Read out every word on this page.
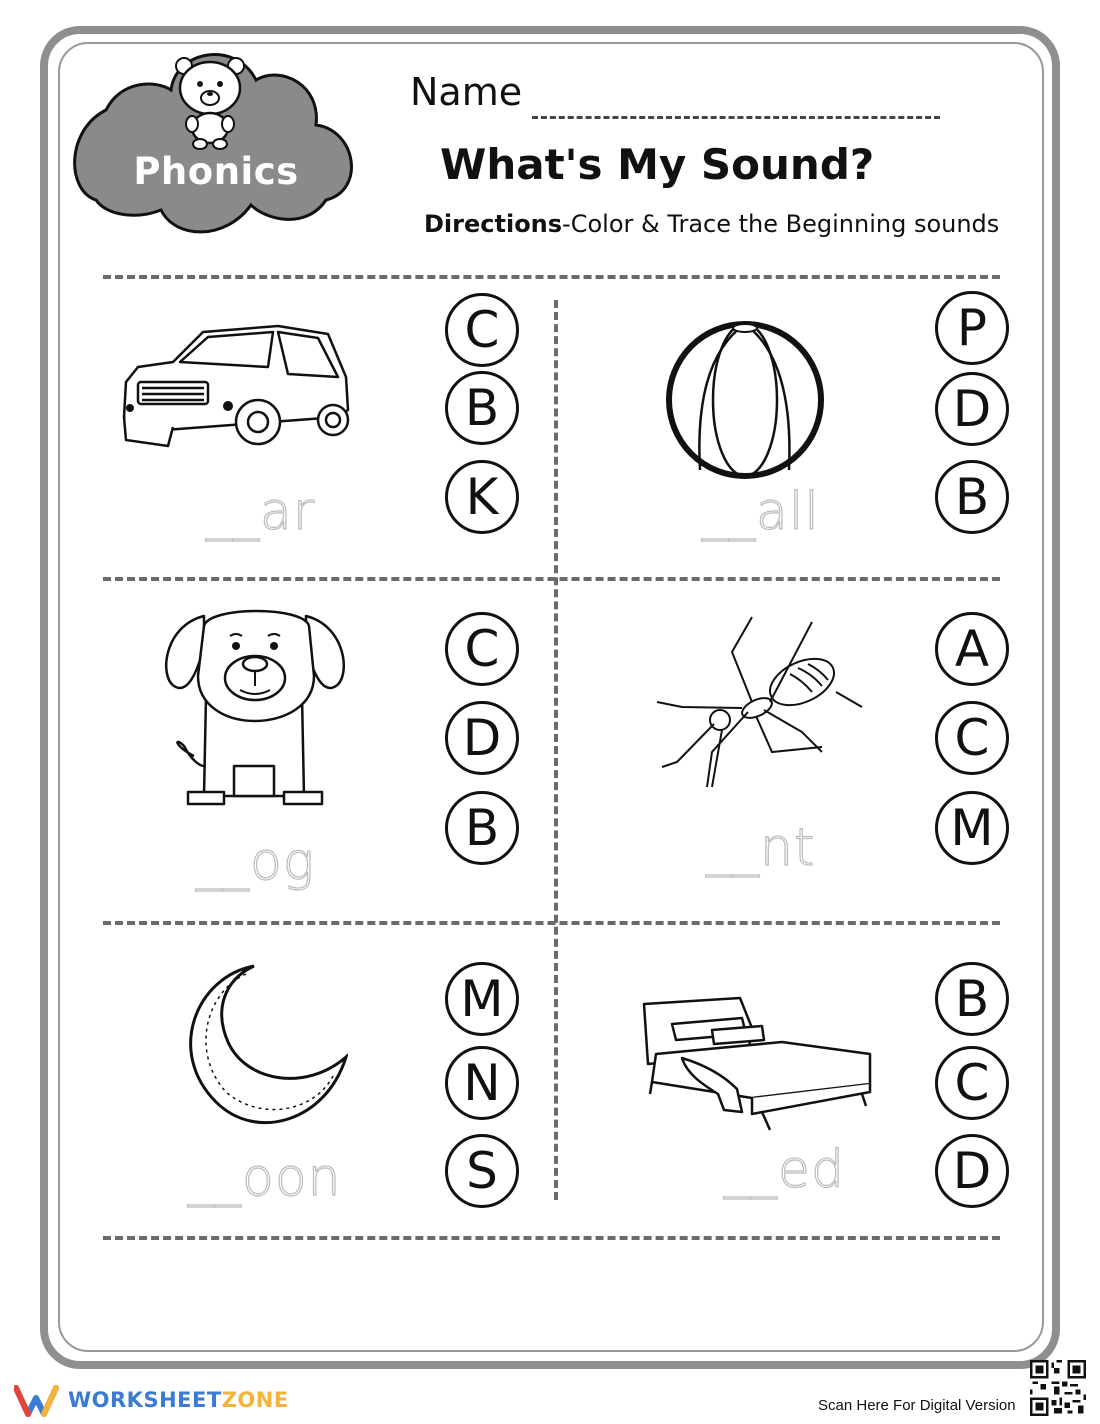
Phonics
Name
What's My Sound?
Directions-Color & Trace the Beginning sounds
C
B
K
__ar
P
D
B
__all
C
D
B
__og
A
C
M
__nt
M
N
S
__oon
B
C
D
__ed
WORKSHEETZONE	Scan Here For Digital Version
